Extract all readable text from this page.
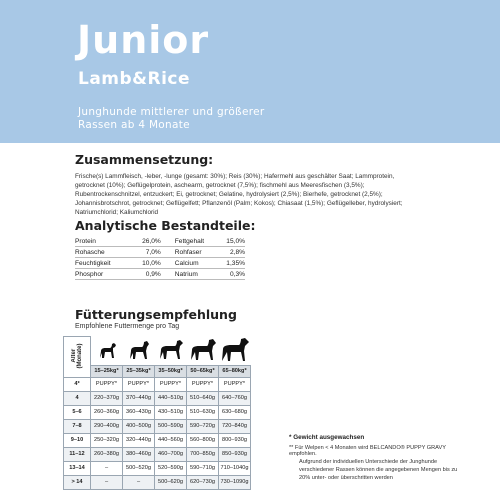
Junior
Lamb&Rice
Junghunde mittlerer und größerer
Rassen ab 4 Monate
Zusammensetzung:
Frische(s) Lammfleisch, -leber, -lunge (gesamt: 30%); Reis (30%); Hafermehl aus geschälter Saat; Lammprotein, getrocknet (10%); Geflügelprotein, aschearm, getrocknet (7,5%); fischmehl aus Meeresfischen (3,5%); Rubentrockenschnitzel, entzuckert; Ei, getrocknet; Gelatine, hydrolysiert (2,5%); Bierhefe, getrocknet (2,5%); Johannisbrotschrot, getrocknet; Geflügelfett; Pflanzenöl (Palm; Kokos); Chiasaat (1,5%); Geflügelleber, hydrolysiert; Natriumchlorid; Kaliumchlorid
Analytische Bestandteile:
Protein	26,0%	Fettgehalt	15,0%
Rohasche	7,0%	Rohfaser	2,8%
Feuchtigkeit	10,0%	Calcium	1,35%
Phosphor	0,9%	Natrium	0,3%
Fütterungsempfehlung
Empfohlene Futtermenge pro Tag
Alter (Monate)					
	15–25kg*	25–35kg*	35–50kg*	50–65kg*	65–80kg*
4*	PUPPY*	PUPPY*	PUPPY*	PUPPY*	PUPPY*
4	220–370g	370–440g	440–510g	510–640g	640–760g
5–6	260–360g	360–430g	430–510g	510–630g	630–680g
7–8	290–400g	400–500g	500–590g	590–720g	720–840g
9–10	250–320g	320–440g	440–560g	560–800g	800–930g
11–12	260–380g	380–460g	460–700g	700–850g	850–930g
13–14	–	500–520g	520–590g	590–710g	710–1040g
> 14	–	–	500–620g	620–730g	730–1090g
* Gewicht ausgewachsen
** Für Welpen < 4 Monaten wird BELCANDO® PUPPY GRAVY empfohlen.
Aufgrund der individuellen Unterschiede der Junghunde verschiedener Rassen können die angegebenen Mengen bis zu 20% unter- oder überschritten werden
